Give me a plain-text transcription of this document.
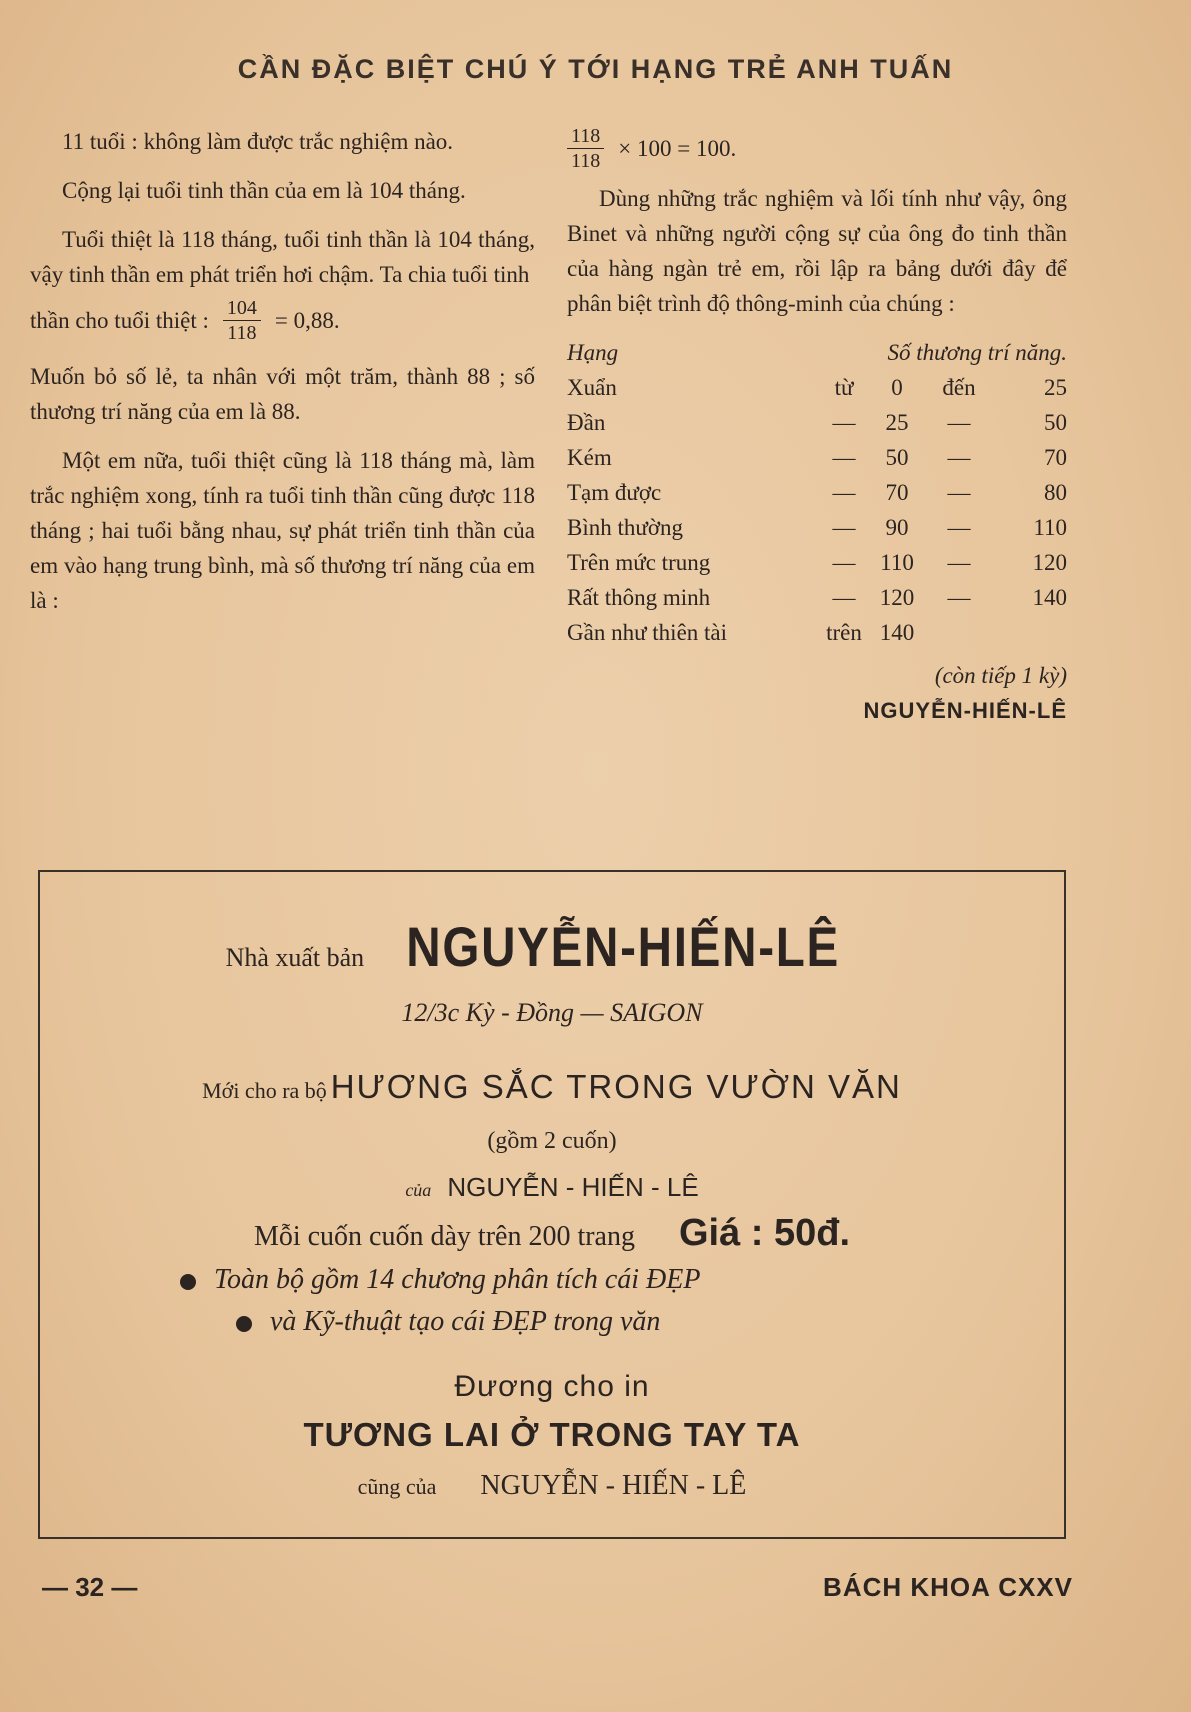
CẦN ĐẶC BIỆT CHÚ Ý TỚI HẠNG TRẺ ANH TUẤN

11 tuổi : không làm được trắc nghiệm nào.

Cộng lại tuổi tinh thần của em là 104 tháng.

Tuổi thiệt là 118 tháng, tuổi tinh thần là 104 tháng, vậy tinh thần em phát triển hơi chậm. Ta chia tuổi tinh

thần cho tuổi thiệt : $\frac{104}{118} = 0,88$.

Muốn bỏ số lẻ, ta nhân với một trăm, thành 88 ; số thương trí năng của em là 88.

Một em nữa, tuổi thiệt cũng là 118 tháng mà, làm trắc nghiệm xong, tính ra tuổi tinh thần cũng được 118 tháng ; hai tuổi bằng nhau, sự phát triển tinh thần của em vào hạng trung bình, mà số thương trí năng của em là :

$\frac{118}{118} \times 100 = 100$.

Dùng những trắc nghiệm và lối tính như vậy, ông Binet và những người cộng sự của ông đo tinh thần của hàng ngàn trẻ em, rồi lập ra bảng dưới đây để phân biệt trình độ thông-minh của chúng :

Hạng	Số thương trí năng.
Xuẩn	từ	0	đến	25
Đần	—	25	—	50
Kém	—	50	—	70
Tạm được	—	70	—	80
Bình thường	—	90	—	110
Trên mức trung	—	110	—	120
Rất thông minh	—	120	—	140
Gần như thiên tài	trên 140
(còn tiếp 1 kỳ)
NGUYỄN-HIẾN-LÊ
Nhà xuất bản NGUYỄN-HIẾN-LÊ
12/3c Kỳ - Đồng — SAIGON
Mới cho ra bộ HƯƠNG SẮC TRONG VƯỜN VĂN
(gồm 2 cuốn)
của NGUYỄN - HIẾN - LÊ
Mỗi cuốn cuốn dày trên 200 trang Giá : 50đ.
Toàn bộ gồm 14 chương phân tích cái ĐẸP
và Kỹ-thuật tạo cái ĐẸP trong văn
Đương cho in
TƯƠNG LAI Ở TRONG TAY TA
cũng của NGUYỄN - HIẾN - LÊ
— 32 —	BÁCH KHOA CXXV
